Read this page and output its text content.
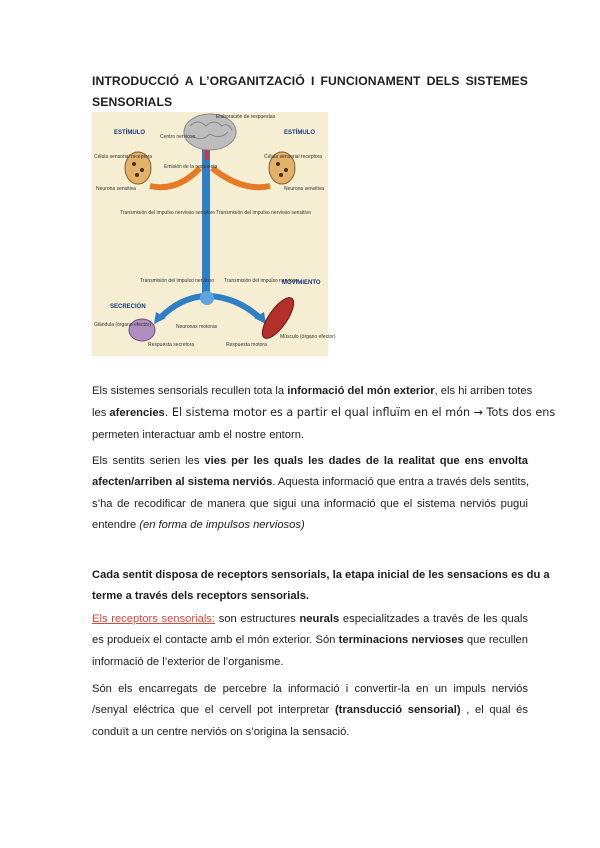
INTRODUCCIÓ A L’ORGANITZACIÓ I FUNCIONAMENT DELS SISTEMES
SENSORIALS
Elaboración de respuestas
ESTÍMULO	ESTÍMULO
Centro nervioso
Célula sensorial receptora	Célula sensorial receptora
Emisión de la respuesta
Neurona sensitiva	Neurona sensitiva
Transmisión del impulso nervioso sensitivo Transmisión del impulso nervioso sensitivo
Transmisión del impulso nervioso Transmisión del impulso nervioso
MOVIMIENTO
SECRECIÓN
Glándula (órgano efector)	Neuronas motoras
Músculo (órgano efector)
Respuesta secretora	Respuesta motora
Els sistemes sensorials recullen tota la informació del món exterior, els hi arriben totes
les aferencies. El sistema motor es a partir el qual influïm en el món → Tots dos ens
permeten interactuar amb el nostre entorn.
Els sentits serien les vies per les quals les dades de la realitat que ens envolta
afecten/arriben al sistema nerviós. Aquesta informació que entra a través dels sentits,
s’ha de recodificar de manera que sigui una informació que el sistema nerviós pugui
entendre (en forma de impulsos nerviosos)
Cada sentit disposa de receptors sensorials, la etapa inicial de les sensacions es du a
terme a través dels receptors sensorials.
Els receptors sensorials: son estructures neurals especialitzades a través de les quals
es produeix el contacte amb el món exterior. Són terminacions nervioses que recullen
informació de l’exterior de l’organisme.
Són els encarregats de percebre la informació i convertir-la en un impuls nerviós
/senyal eléctrica que el cervell pot interpretar (transducció sensorial) , el qual és
conduït a un centre nerviós on s’origina la sensació.
